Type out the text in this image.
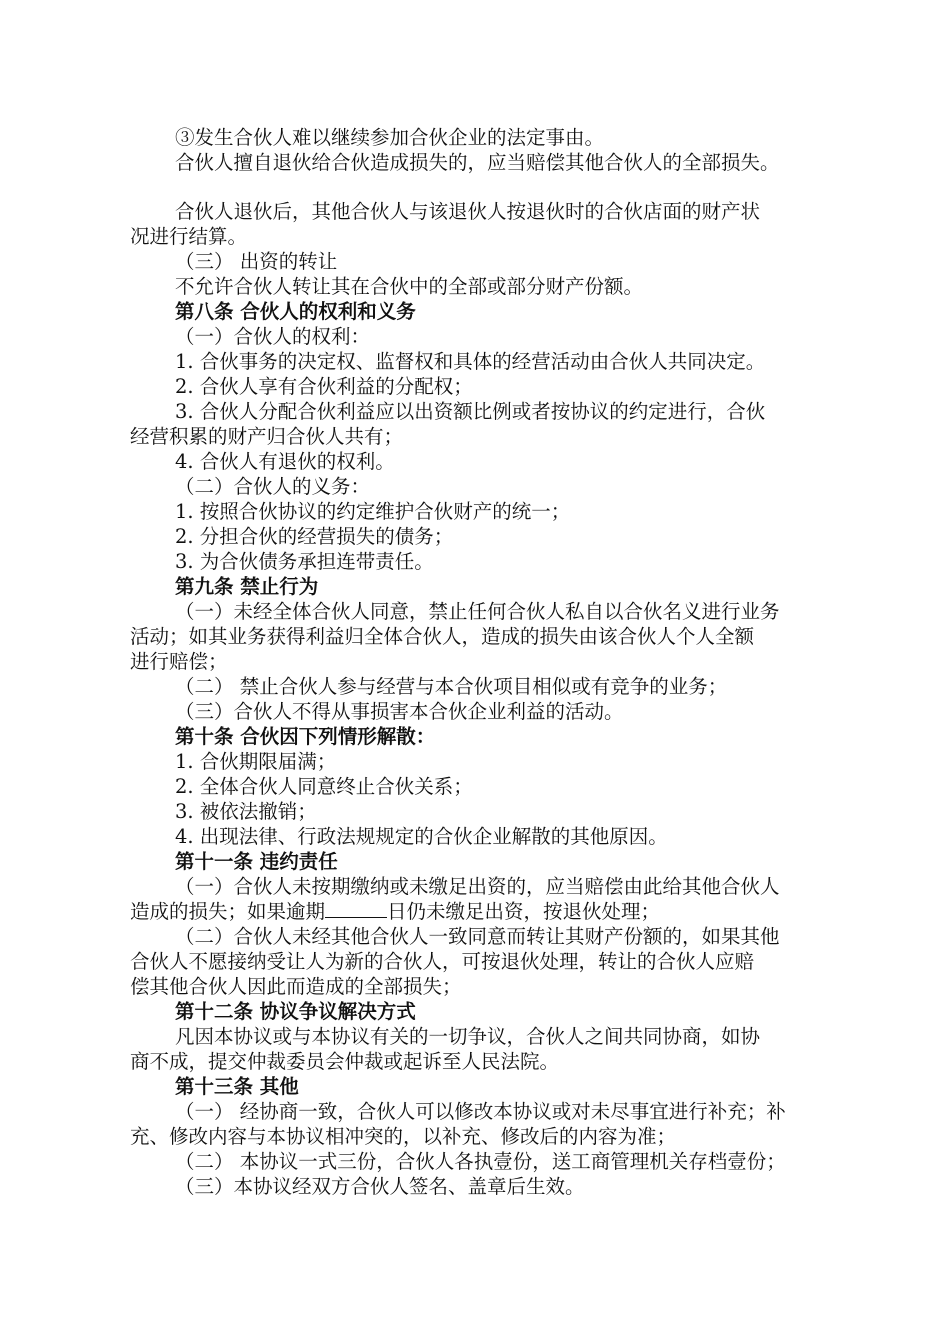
③发生合伙人难以继续参加合伙企业的法定事由。
合伙人擅自退伙给合伙造成损失的，应当赔偿其他合伙人的全部损失。
合伙人退伙后，其他合伙人与该退伙人按退伙时的合伙店面的财产状
况进行结算。
（三） 出资的转让
不允许合伙人转让其在合伙中的全部或部分财产份额。
第八条 合伙人的权利和义务
（一）合伙人的权利：
1. 合伙事务的决定权、监督权和具体的经营活动由合伙人共同决定。
2. 合伙人享有合伙利益的分配权；
3. 合伙人分配合伙利益应以出资额比例或者按协议的约定进行，合伙
经营积累的财产归合伙人共有；
4. 合伙人有退伙的权利。
（二）合伙人的义务：
1. 按照合伙协议的约定维护合伙财产的统一；
2. 分担合伙的经营损失的债务；
3. 为合伙债务承担连带责任。
第九条 禁止行为
（一）未经全体合伙人同意，禁止任何合伙人私自以合伙名义进行业务
活动；如其业务获得利益归全体合伙人，造成的损失由该合伙人个人全额
进行赔偿；
（二） 禁止合伙人参与经营与本合伙项目相似或有竞争的业务；
（三）合伙人不得从事损害本合伙企业利益的活动。
第十条 合伙因下列情形解散：
1. 合伙期限届满；
2. 全体合伙人同意终止合伙关系；
3. 被依法撤销；
4. 出现法律、行政法规规定的合伙企业解散的其他原因。
第十一条 违约责任
（一）合伙人未按期缴纳或未缴足出资的，应当赔偿由此给其他合伙人
造成的损失；如果逾期	日仍未缴足出资，按退伙处理；
（二）合伙人未经其他合伙人一致同意而转让其财产份额的，如果其他
合伙人不愿接纳受让人为新的合伙人，可按退伙处理，转让的合伙人应赔
偿其他合伙人因此而造成的全部损失；
第十二条 协议争议解决方式
凡因本协议或与本协议有关的一切争议，合伙人之间共同协商，如协
商不成，提交仲裁委员会仲裁或起诉至人民法院。
第十三条 其他
（一） 经协商一致，合伙人可以修改本协议或对未尽事宜进行补充；补
充、修改内容与本协议相冲突的，以补充、修改后的内容为准；
（二） 本协议一式三份，合伙人各执壹份，送工商管理机关存档壹份；
（三）本协议经双方合伙人签名、盖章后生效。
